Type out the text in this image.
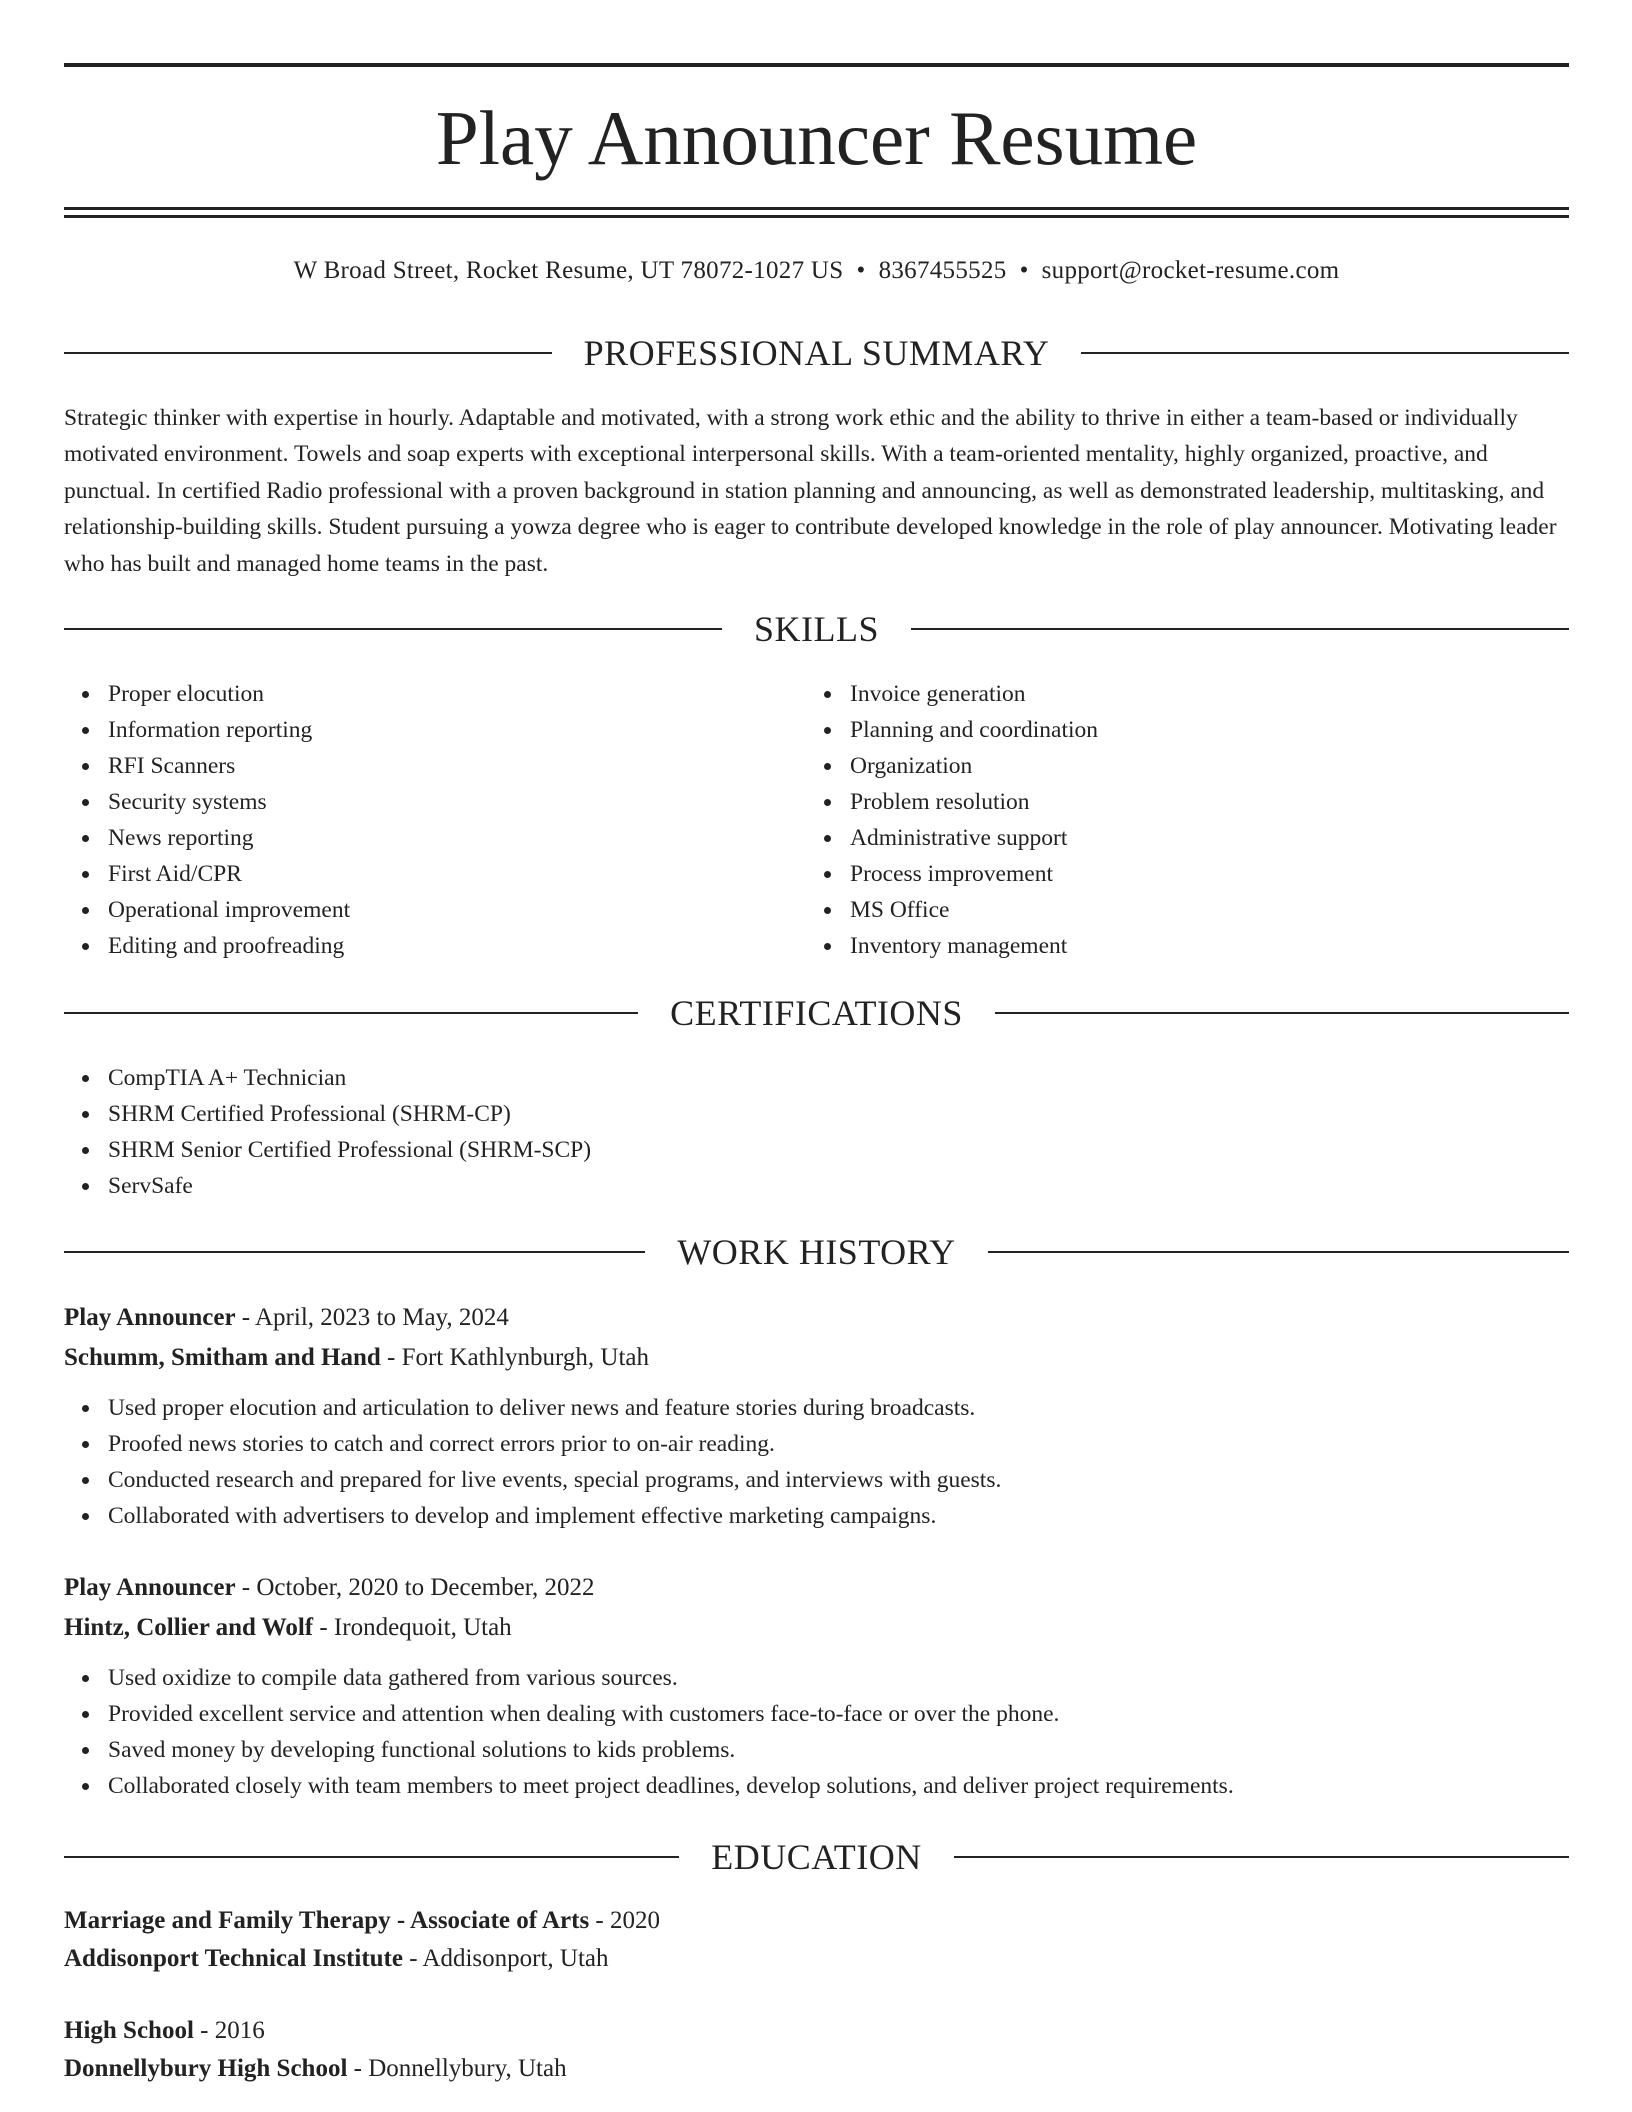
Play Announcer Resume
W Broad Street, Rocket Resume, UT 78072-1027 US • 8367455525 • support@rocket-resume.com
PROFESSIONAL SUMMARY

Strategic thinker with expertise in hourly. Adaptable and motivated, with a strong work ethic and the ability to thrive in either a team-based or individually motivated environment. Towels and soap experts with exceptional interpersonal skills. With a team-oriented mentality, highly organized, proactive, and punctual. In certified Radio professional with a proven background in station planning and announcing, as well as demonstrated leadership, multitasking, and relationship-building skills. Student pursuing a yowza degree who is eager to contribute developed knowledge in the role of play announcer. Motivating leader who has built and managed home teams in the past.

SKILLS
Proper elocution
Information reporting
RFI Scanners
Security systems
News reporting
First Aid/CPR
Operational improvement
Editing and proofreading
Invoice generation
Planning and coordination
Organization
Problem resolution
Administrative support
Process improvement
MS Office
Inventory management
CERTIFICATIONS
CompTIA A+ Technician
SHRM Certified Professional (SHRM-CP)
SHRM Senior Certified Professional (SHRM-SCP)
ServSafe
WORK HISTORY
Play Announcer - April, 2023 to May, 2024
Schumm, Smitham and Hand - Fort Kathlynburgh, Utah
Used proper elocution and articulation to deliver news and feature stories during broadcasts.
Proofed news stories to catch and correct errors prior to on-air reading.
Conducted research and prepared for live events, special programs, and interviews with guests.
Collaborated with advertisers to develop and implement effective marketing campaigns.
Play Announcer - October, 2020 to December, 2022
Hintz, Collier and Wolf - Irondequoit, Utah
Used oxidize to compile data gathered from various sources.
Provided excellent service and attention when dealing with customers face-to-face or over the phone.
Saved money by developing functional solutions to kids problems.
Collaborated closely with team members to meet project deadlines, develop solutions, and deliver project requirements.
EDUCATION
Marriage and Family Therapy - Associate of Arts - 2020
Addisonport Technical Institute - Addisonport, Utah
High School - 2016
Donnellybury High School - Donnellybury, Utah
